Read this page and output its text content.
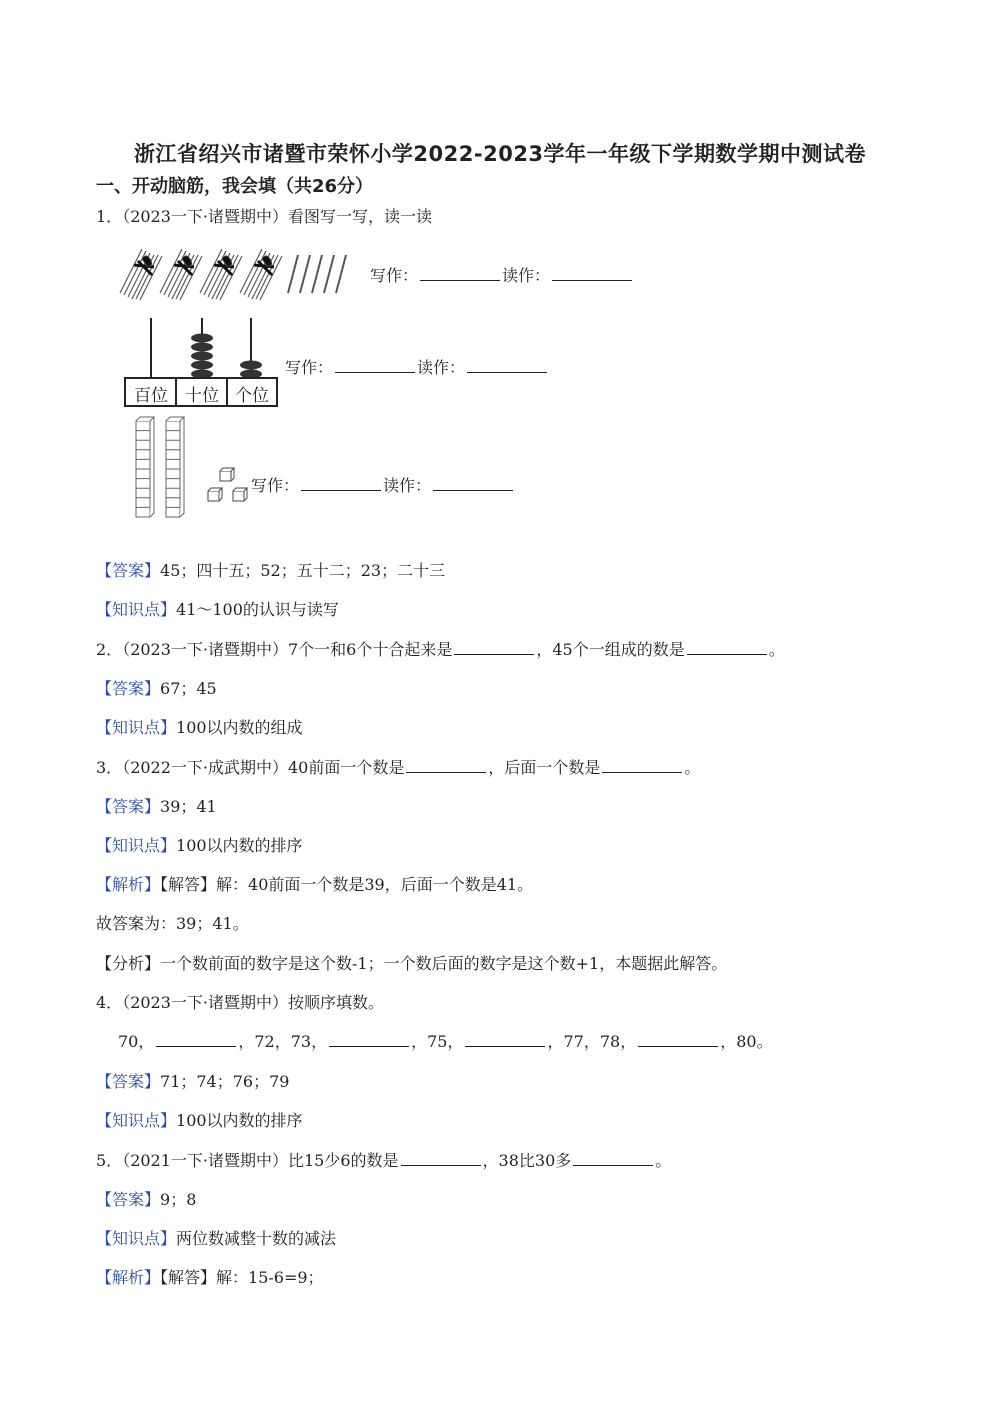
浙江省绍兴市诸暨市荣怀小学2022-2023学年一年级下学期数学期中测试卷
一、开动脑筋，我会填（共26分）
1．（2023一下·诸暨期中）看图写一写，读一读
写作：	读作：
百位	十位 个位
写作：	读作：
写作：	读作：
【答案】45；四十五；52；五十二；23；二十三
【知识点】41～100的认识与读写
2．（2023一下·诸暨期中）7个一和6个十合起来是	，45个一组成的数是	。
【答案】67；45
【知识点】100以内数的组成
3．（2022一下·成武期中）40前面一个数是	，后面一个数是	。
【答案】39；41
【知识点】100以内数的排序
【解析】【解答】解：40前面一个数是39，后面一个数是41。
故答案为：39；41。
【分析】一个数前面的数字是这个数-1；一个数后面的数字是这个数+1，本题据此解答。
4．（2023一下·诸暨期中）按顺序填数。
70，	，72，73，	，75，	，77，78，	，80。
【答案】71；74；76；79
【知识点】100以内数的排序
5．（2021一下·诸暨期中）比15少6的数是	，38比30多	。
【答案】9；8
【知识点】两位数减整十数的减法
【解析】【解答】解：15-6=9；
